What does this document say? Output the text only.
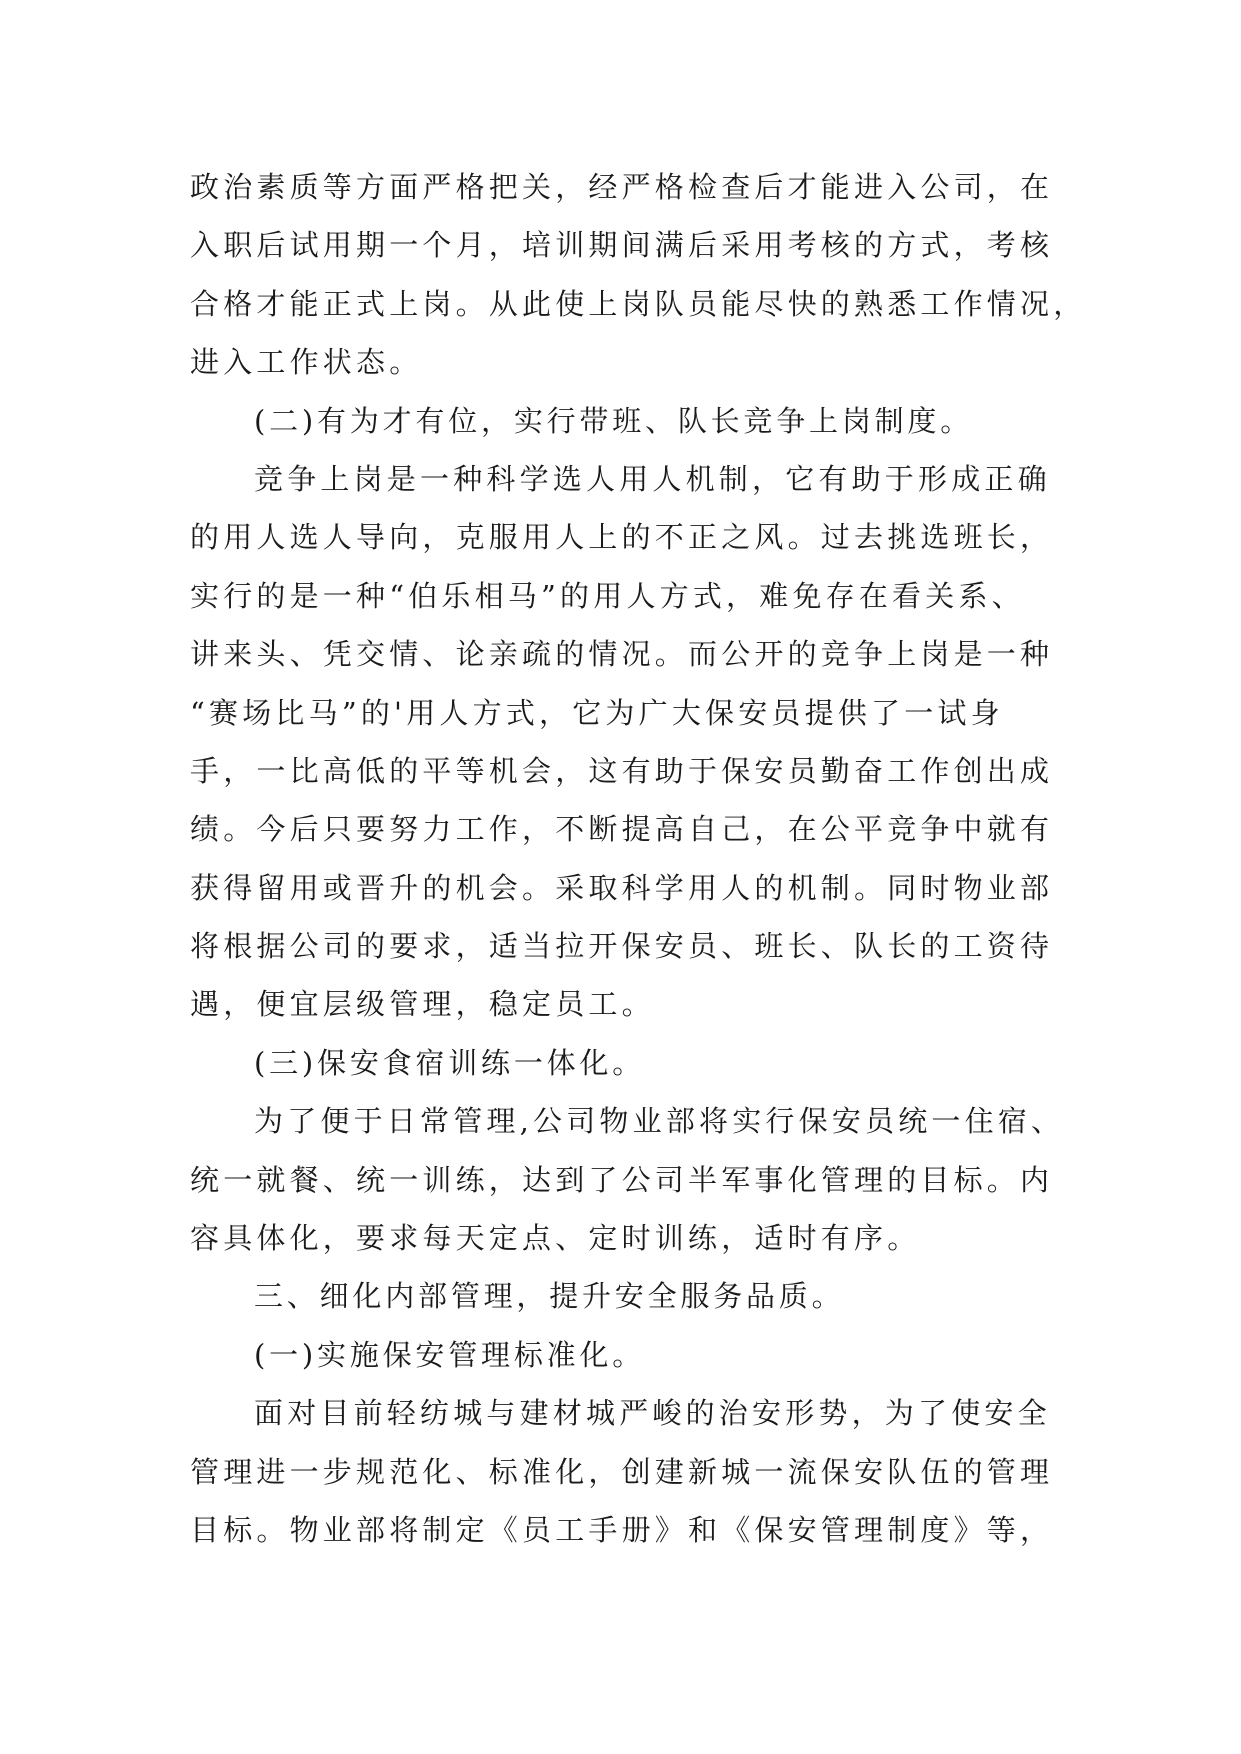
政治素质等方面严格把关，经严格检查后才能进入公司，在
入职后试用期一个月，培训期间满后采用考核的方式，考核
合格才能正式上岗。从此使上岗队员能尽快的熟悉工作情况，
进入工作状态。
(二)有为才有位，实行带班、队长竞争上岗制度。
竞争上岗是一种科学选人用人机制，它有助于形成正确
的用人选人导向，克服用人上的不正之风。过去挑选班长，
实行的是一种“伯乐相马”的用人方式，难免存在看关系、
讲来头、凭交情、论亲疏的情况。而公开的竞争上岗是一种
“赛场比马”的'用人方式，它为广大保安员提供了一试身
手，一比高低的平等机会，这有助于保安员勤奋工作创出成
绩。今后只要努力工作，不断提高自己，在公平竞争中就有
获得留用或晋升的机会。采取科学用人的机制。同时物业部
将根据公司的要求，适当拉开保安员、班长、队长的工资待
遇，便宜层级管理，稳定员工。
(三)保安食宿训练一体化。
为了便于日常管理,公司物业部将实行保安员统一住宿、
统一就餐、统一训练，达到了公司半军事化管理的目标。内
容具体化，要求每天定点、定时训练，适时有序。
三、细化内部管理，提升安全服务品质。
(一)实施保安管理标准化。
面对目前轻纺城与建材城严峻的治安形势，为了使安全
管理进一步规范化、标准化，创建新城一流保安队伍的管理
目标。物业部将制定《员工手册》和《保安管理制度》等，
